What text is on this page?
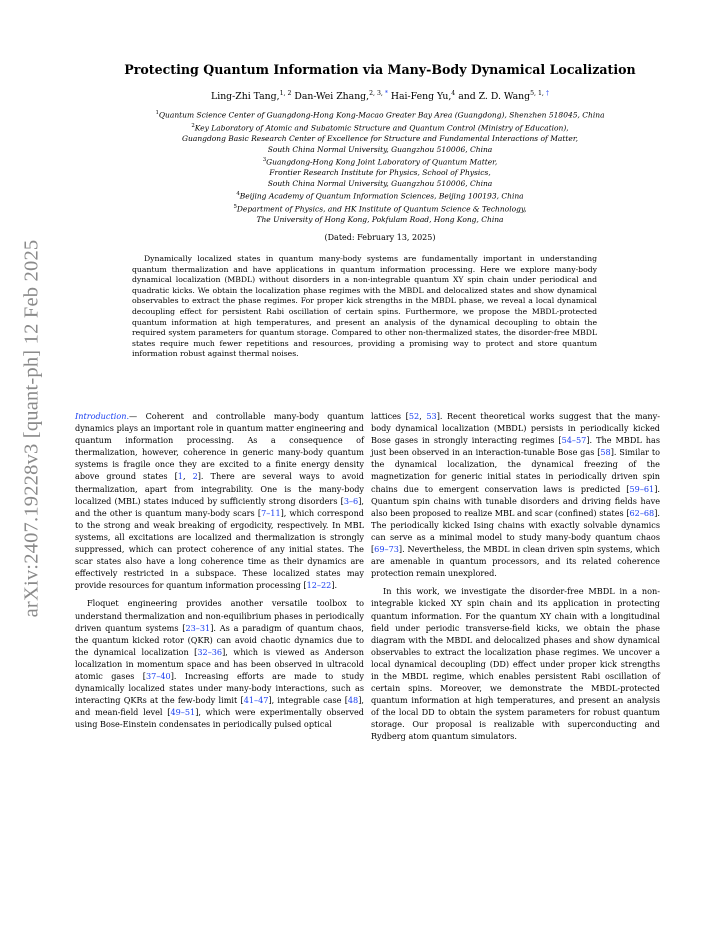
arXiv:2407.19228v3 [quant-ph] 12 Feb 2025
Protecting Quantum Information via Many-Body Dynamical Localization
Ling-Zhi Tang,$^{1, 2}$ Dan-Wei Zhang,$^{2, 3, *}$ Hai-Feng Yu,$^4$ and Z. D. Wang$^{5, 1, \dagger}$
$^1$Quantum Science Center of Guangdong-Hong Kong-Macao Greater Bay Area (Guangdong), Shenzhen 518045, China
$^2$Key Laboratory of Atomic and Subatomic Structure and Quantum Control (Ministry of Education),
Guangdong Basic Research Center of Excellence for Structure and Fundamental Interactions of Matter,
South China Normal University, Guangzhou 510006, China
$^3$Guangdong-Hong Kong Joint Laboratory of Quantum Matter,
Frontier Research Institute for Physics, School of Physics,
South China Normal University, Guangzhou 510006, China
$^4$Beijing Academy of Quantum Information Sciences, Beijing 100193, China
$^5$Department of Physics, and HK Institute of Quantum Science & Technology,
The University of Hong Kong, Pokfulam Road, Hong Kong, China
(Dated: February 13, 2025)
Dynamically localized states in quantum many-body systems are fundamentally important in understanding quantum thermalization and have applications in quantum information processing. Here we explore many-body dynamical localization (MBDL) without disorders in a non-integrable quantum XY spin chain under periodical and quadratic kicks. We obtain the localization phase regimes with the MBDL and delocalized states and show dynamical observables to extract the phase regimes. For proper kick strengths in the MBDL phase, we reveal a local dynamical decoupling effect for persistent Rabi oscillation of certain spins. Furthermore, we propose the MBDL-protected quantum information at high temperatures, and present an analysis of the dynamical decoupling to obtain the required system parameters for quantum storage. Compared to other non-thermalized states, the disorder-free MBDL states require much fewer repetitions and resources, providing a promising way to protect and store quantum information robust against thermal noises.

Introduction.— Coherent and controllable many-body quantum dynamics plays an important role in quantum matter engineering and quantum information processing. As a consequence of thermalization, however, coherence in generic many-body quantum systems is fragile once they are excited to a finite energy density above ground states [1, 2]. There are several ways to avoid thermalization, apart from integrability. One is the many-body localized (MBL) states induced by sufficiently strong disorders [3–6], and the other is quantum many-body scars [7–11], which correspond to the strong and weak breaking of ergodicity, respectively. In MBL systems, all excitations are localized and thermalization is strongly suppressed, which can protect coherence of any initial states. The scar states also have a long coherence time as their dynamics are effectively restricted in a subspace. These localized states may provide resources for quantum information processing [12–22].

Floquet engineering provides another versatile toolbox to understand thermalization and non-equilibrium phases in periodically driven quantum systems [23–31]. As a paradigm of quantum chaos, the quantum kicked rotor (QKR) can avoid chaotic dynamics due to the dynamical localization [32–36], which is viewed as Anderson localization in momentum space and has been observed in ultracold atomic gases [37–40]. Increasing efforts are made to study dynamically localized states under many-body interactions, such as interacting QKRs at the few-body limit [41–47], integrable case [48], and mean-field level [49–51], which were experimentally observed using Bose-Einstein condensates in periodically pulsed optical

lattices [52, 53]. Recent theoretical works suggest that the many-body dynamical localization (MBDL) persists in periodically kicked Bose gases in strongly interacting regimes [54–57]. The MBDL has just been observed in an interaction-tunable Bose gas [58]. Similar to the dynamical localization, the dynamical freezing of the magnetization for generic initial states in periodically driven spin chains due to emergent conservation laws is predicted [59–61]. Quantum spin chains with tunable disorders and driving fields have also been proposed to realize MBL and scar (confined) states [62–68]. The periodically kicked Ising chains with exactly solvable dynamics can serve as a minimal model to study many-body quantum chaos [69–73]. Nevertheless, the MBDL in clean driven spin systems, which are amenable in quantum processors, and its related coherence protection remain unexplored.

In this work, we investigate the disorder-free MBDL in a non-integrable kicked XY spin chain and its application in protecting quantum information. For the quantum XY chain with a longitudinal field under periodic transverse-field kicks, we obtain the phase diagram with the MBDL and delocalized phases and show dynamical observables to extract the localization phase regimes. We uncover a local dynamical decoupling (DD) effect under proper kick strengths in the MBDL regime, which enables persistent Rabi oscillation of certain spins. Moreover, we demonstrate the MBDL-protected quantum information at high temperatures, and present an analysis of the local DD to obtain the system parameters for robust quantum storage. Our proposal is realizable with superconducting and Rydberg atom quantum simulators.
